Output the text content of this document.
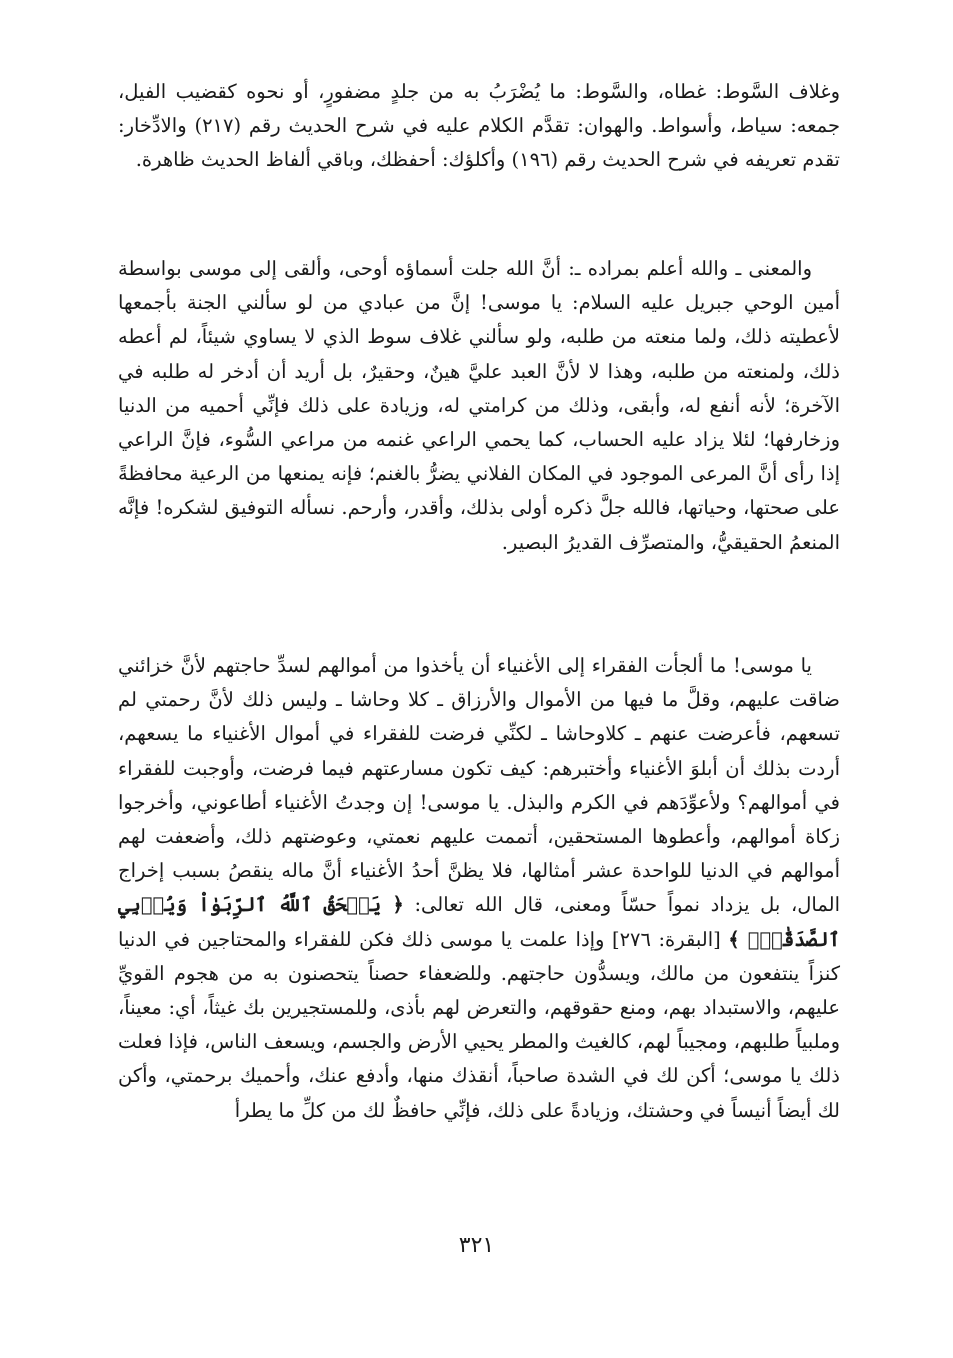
وغلاف السَّوط: غطاه، والسَّوط: ما يُضْرَبُ به من جلدٍ مضفورٍ، أو نحوه كقضيب الفيل، جمعه: سياط، وأسواط. والهوان: تقدَّم الكلام عليه في شرح الحديث رقم (٢١٧) والادِّخار: تقدم تعريفه في شرح الحديث رقم (١٩٦) وأكلؤك: أحفظك، وباقي ألفاظ الحديث ظاهرة.

والمعنى ـ والله أعلم بمراده ـ: أنَّ الله جلت أسماؤه أوحى، وألقى إلى موسى بواسطة أمين الوحي جبريل عليه السلام: يا موسى! إنَّ من عبادي من لو سألني الجنة بأجمعها لأعطيته ذلك، ولما منعته من طلبه، ولو سألني غلاف سوط الذي لا يساوي شيئاً، لم أعطه ذلك، ولمنعته من طلبه، وهذا لا لأنَّ العبد عليَّ هينٌ، وحقيرٌ، بل أريد أن أدخر له طلبه في الآخرة؛ لأنه أنفع له، وأبقى، وذلك من كرامتي له، وزيادة على ذلك فإنِّي أحميه من الدنيا وزخارفها؛ لئلا يزاد عليه الحساب، كما يحمي الراعي غنمه من مراعي السُّوء، فإنَّ الراعي إذا رأى أنَّ المرعى الموجود في المكان الفلاني يضرُّ بالغنم؛ فإنه يمنعها من الرعية محافظةً على صحتها، وحياتها، فالله جلَّ ذكره أولى بذلك، وأقدر، وأرحم. نسأله التوفيق لشكره! فإنَّه المنعمُ الحقيقيُّ، والمتصرِّف القديرُ البصير.

يا موسى! ما ألجأت الفقراء إلى الأغنياء أن يأخذوا من أموالهم لسدِّ حاجتهم لأنَّ خزائني ضاقت عليهم، وقلَّ ما فيها من الأموال والأرزاق ـ كلا وحاشا ـ وليس ذلك لأنَّ رحمتي لم تسعهم، فأعرضت عنهم ـ كلاوحاشا ـ لكنِّي فرضت للفقراء في أموال الأغنياء ما يسعهم، أردت بذلك أن أبلوَ الأغنياء وأختبرهم: كيف تكون مسارعتهم فيما فرضت، وأوجبت للفقراء في أموالهم؟ ولأعوِّدَهم في الكرم والبذل. يا موسى! إن وجدتُ الأغنياء أطاعوني، وأخرجوا زكاة أموالهم، وأعطوها المستحقين، أتممت عليهم نعمتي، وعوضتهم ذلك، وأضعفت لهم أموالهم في الدنيا للواحدة عشر أمثالها، فلا يظنَّ أحدُ الأغنياء أنَّ ماله ينقصُ بسبب إخراج المال، بل يزداد نمواً حسّاً ومعنى، قال الله تعالى: ﴿ يَمۡحَقُ ٱللَّهُ ٱلرِّبَوٰاْ وَيُرۡبِي ٱلصَّدَقَٰتِۗ ﴾ [البقرة: ٢٧٦] وإذا علمت يا موسى ذلك فكن للفقراء والمحتاجين في الدنيا كنزاً ينتفعون من مالك، ويسدُّون حاجتهم. وللضعفاء حصناً يتحصنون به من هجوم القويِّ عليهم، والاستبداد بهم، ومنع حقوقهم، والتعرض لهم بأذى، وللمستجيرين بك غيثاً، أي: معيناً، وملبياً طلبهم، ومجيباً لهم، كالغيث والمطر يحيي الأرض والجسم، ويسعف الناس، فإذا فعلت ذلك يا موسى؛ أكن لك في الشدة صاحباً، أنقذك منها، وأدفع عنك، وأحميك برحمتي، وأكن لك أيضاً أنيساً في وحشتك، وزيادةً على ذلك، فإنِّي حافظٌ لك من كلِّ ما يطرأ

٣٢١
